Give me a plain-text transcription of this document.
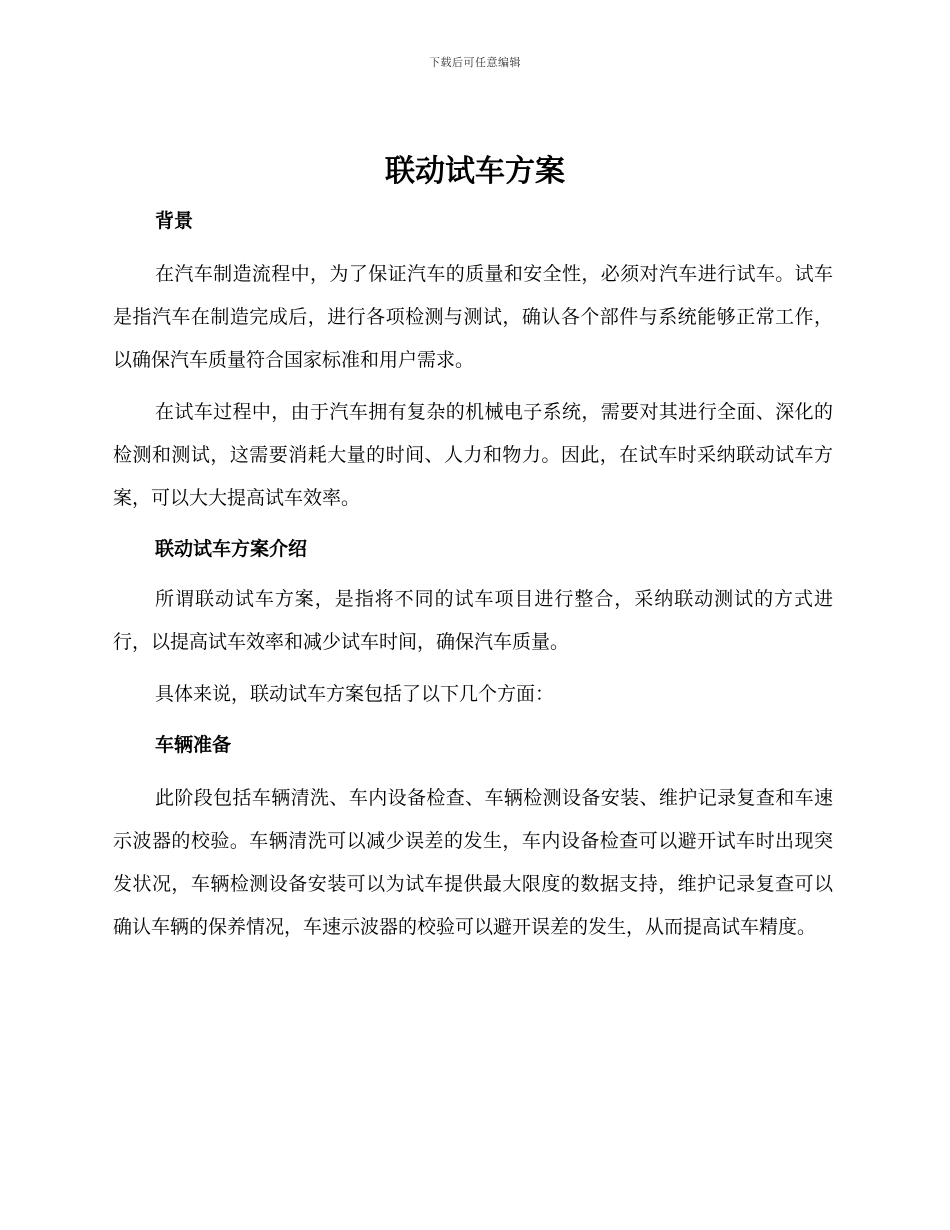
下载后可任意编辑
联动试车方案
背景

在汽车制造流程中，为了保证汽车的质量和安全性，必须对汽车进行试车。试车是指汽车在制造完成后，进行各项检测与测试，确认各个部件与系统能够正常工作，以确保汽车质量符合国家标准和用户需求。

在试车过程中，由于汽车拥有复杂的机械电子系统，需要对其进行全面、深化的检测和测试，这需要消耗大量的时间、人力和物力。因此，在试车时采纳联动试车方案，可以大大提高试车效率。

联动试车方案介绍

所谓联动试车方案，是指将不同的试车项目进行整合，采纳联动测试的方式进行，以提高试车效率和减少试车时间，确保汽车质量。

具体来说，联动试车方案包括了以下几个方面：

车辆准备

此阶段包括车辆清洗、车内设备检查、车辆检测设备安装、维护记录复查和车速示波器的校验。车辆清洗可以减少误差的发生，车内设备检查可以避开试车时出现突发状况，车辆检测设备安装可以为试车提供最大限度的数据支持，维护记录复查可以确认车辆的保养情况，车速示波器的校验可以避开误差的发生，从而提高试车精度。
